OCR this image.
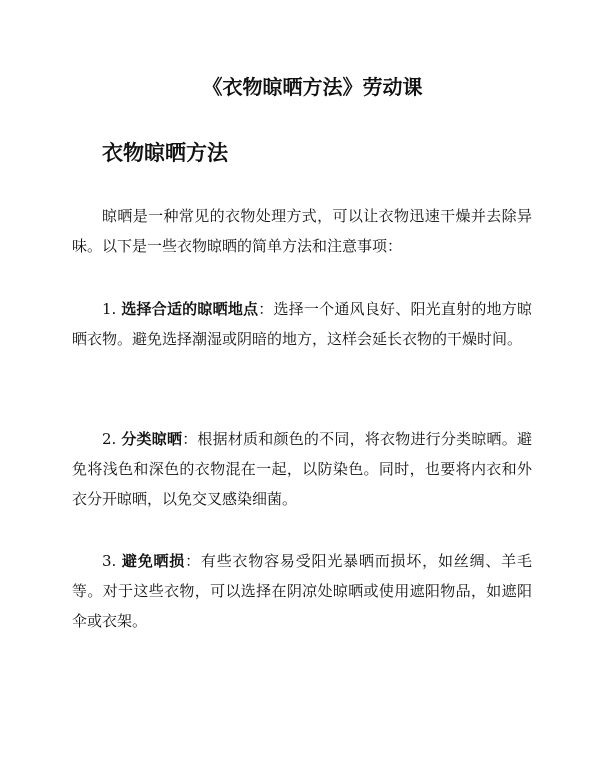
《衣物晾晒方法》劳动课
衣物晾晒方法

晾晒是一种常见的衣物处理方式，可以让衣物迅速干燥并去除异味。以下是一些衣物晾晒的简单方法和注意事项：

1. 选择合适的晾晒地点：选择一个通风良好、阳光直射的地方晾晒衣物。避免选择潮湿或阴暗的地方，这样会延长衣物的干燥时间。

2. 分类晾晒：根据材质和颜色的不同，将衣物进行分类晾晒。避免将浅色和深色的衣物混在一起，以防染色。同时，也要将内衣和外衣分开晾晒，以免交叉感染细菌。

3. 避免晒损：有些衣物容易受阳光暴晒而损坏，如丝绸、羊毛等。对于这些衣物，可以选择在阴凉处晾晒或使用遮阳物品，如遮阳伞或衣架。
